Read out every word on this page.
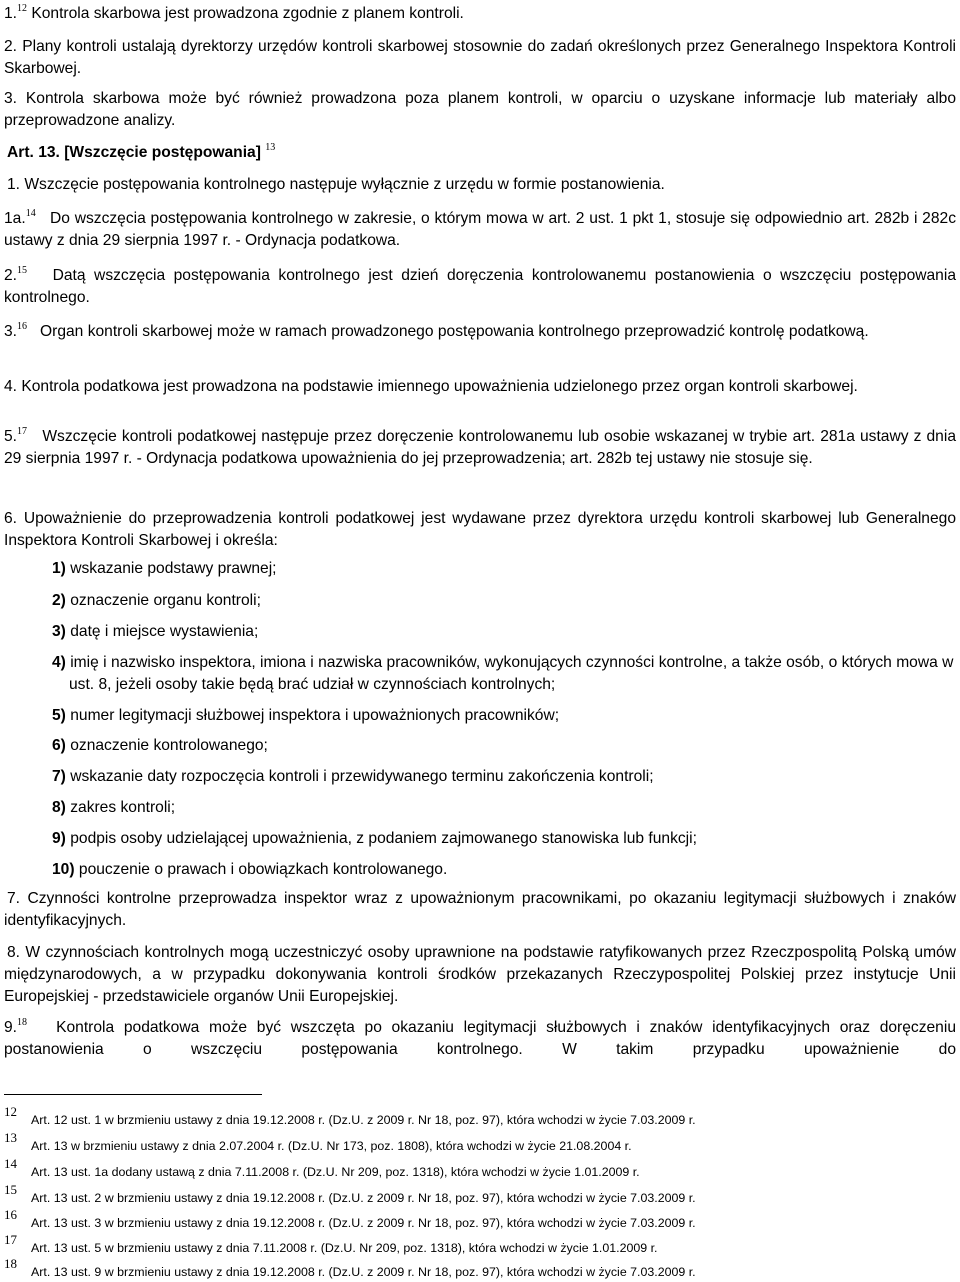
1.12 Kontrola skarbowa jest prowadzona zgodnie z planem kontroli.

2. Plany kontroli ustalają dyrektorzy urzędów kontroli skarbowej stosownie do zadań określonych przez Generalnego Inspektora Kontroli Skarbowej.

3. Kontrola skarbowa może być również prowadzona poza planem kontroli, w oparciu o uzyskane informacje lub materiały albo przeprowadzone analizy.

Art. 13. [Wszczęcie postępowania] $^{13}$

1. Wszczęcie postępowania kontrolnego następuje wyłącznie z urzędu w formie postanowienia.

1a.$^{14}$ Do wszczęcia postępowania kontrolnego w zakresie, o którym mowa w art. 2 ust. 1 pkt 1, stosuje się odpowiednio art. 282b i 282c ustawy z dnia 29 sierpnia 1997 r. - Ordynacja podatkowa.

2.15 Datą wszczęcia postępowania kontrolnego jest dzień doręczenia kontrolowanemu postanowienia o wszczęciu postępowania kontrolnego.

3.16 Organ kontroli skarbowej może w ramach prowadzonego postępowania kontrolnego przeprowadzić kontrolę podatkową.

4. Kontrola podatkowa jest prowadzona na podstawie imiennego upoważnienia udzielonego przez organ kontroli skarbowej.

5.17 Wszczęcie kontroli podatkowej następuje przez doręczenie kontrolowanemu lub osobie wskazanej w trybie art. 281a ustawy z dnia 29 sierpnia 1997 r. - Ordynacja podatkowa upoważnienia do jej przeprowadzenia; art. 282b tej ustawy nie stosuje się.

6. Upoważnienie do przeprowadzenia kontroli podatkowej jest wydawane przez dyrektora urzędu kontroli skarbowej lub Generalnego Inspektora Kontroli Skarbowej i określa:

1) wskazanie podstawy prawnej;

2) oznaczenie organu kontroli;

3) datę i miejsce wystawienia;

4) imię i nazwisko inspektora, imiona i nazwiska pracowników, wykonujących czynności kontrolne, a także osób, o których mowa w ust. 8, jeżeli osoby takie będą brać udział w czynnościach kontrolnych;

5) numer legitymacji służbowej inspektora i upoważnionych pracowników;

6) oznaczenie kontrolowanego;

7) wskazanie daty rozpoczęcia kontroli i przewidywanego terminu zakończenia kontroli;

8) zakres kontroli;

9) podpis osoby udzielającej upoważnienia, z podaniem zajmowanego stanowiska lub funkcji;

10) pouczenie o prawach i obowiązkach kontrolowanego.

7. Czynności kontrolne przeprowadza inspektor wraz z upoważnionym pracownikami, po okazaniu legitymacji służbowych i znaków identyfikacyjnych.

8. W czynnościach kontrolnych mogą uczestniczyć osoby uprawnione na podstawie ratyfikowanych przez Rzeczpospolitą Polską umów międzynarodowych, a w przypadku dokonywania kontroli środków przekazanych Rzeczypospolitej Polskiej przez instytucje Unii Europejskiej - przedstawiciele organów Unii Europejskiej.

9.18 Kontrola podatkowa może być wszczęta po okazaniu legitymacji służbowych i znaków identyfikacyjnych oraz doręczeniu postanowienia o wszczęciu postępowania kontrolnego. W takim przypadku upoważnienie do

12
Art. 12 ust. 1 w brzmieniu ustawy z dnia 19.12.2008 r. (Dz.U. z 2009 r. Nr 18, poz. 97), która wchodzi w życie 7.03.2009 r.
13
Art. 13 w brzmieniu ustawy z dnia 2.07.2004 r. (Dz.U. Nr 173, poz. 1808), która wchodzi w życie 21.08.2004 r.
14
Art. 13 ust. 1a dodany ustawą z dnia 7.11.2008 r. (Dz.U. Nr 209, poz. 1318), która wchodzi w życie 1.01.2009 r.
15
Art. 13 ust. 2 w brzmieniu ustawy z dnia 19.12.2008 r. (Dz.U. z 2009 r. Nr 18, poz. 97), która wchodzi w życie 7.03.2009 r.
16
Art. 13 ust. 3 w brzmieniu ustawy z dnia 19.12.2008 r. (Dz.U. z 2009 r. Nr 18, poz. 97), która wchodzi w życie 7.03.2009 r.
17
Art. 13 ust. 5 w brzmieniu ustawy z dnia 7.11.2008 r. (Dz.U. Nr 209, poz. 1318), która wchodzi w życie 1.01.2009 r.
18
Art. 13 ust. 9 w brzmieniu ustawy z dnia 19.12.2008 r. (Dz.U. z 2009 r. Nr 18, poz. 97), która wchodzi w życie 7.03.2009 r.
